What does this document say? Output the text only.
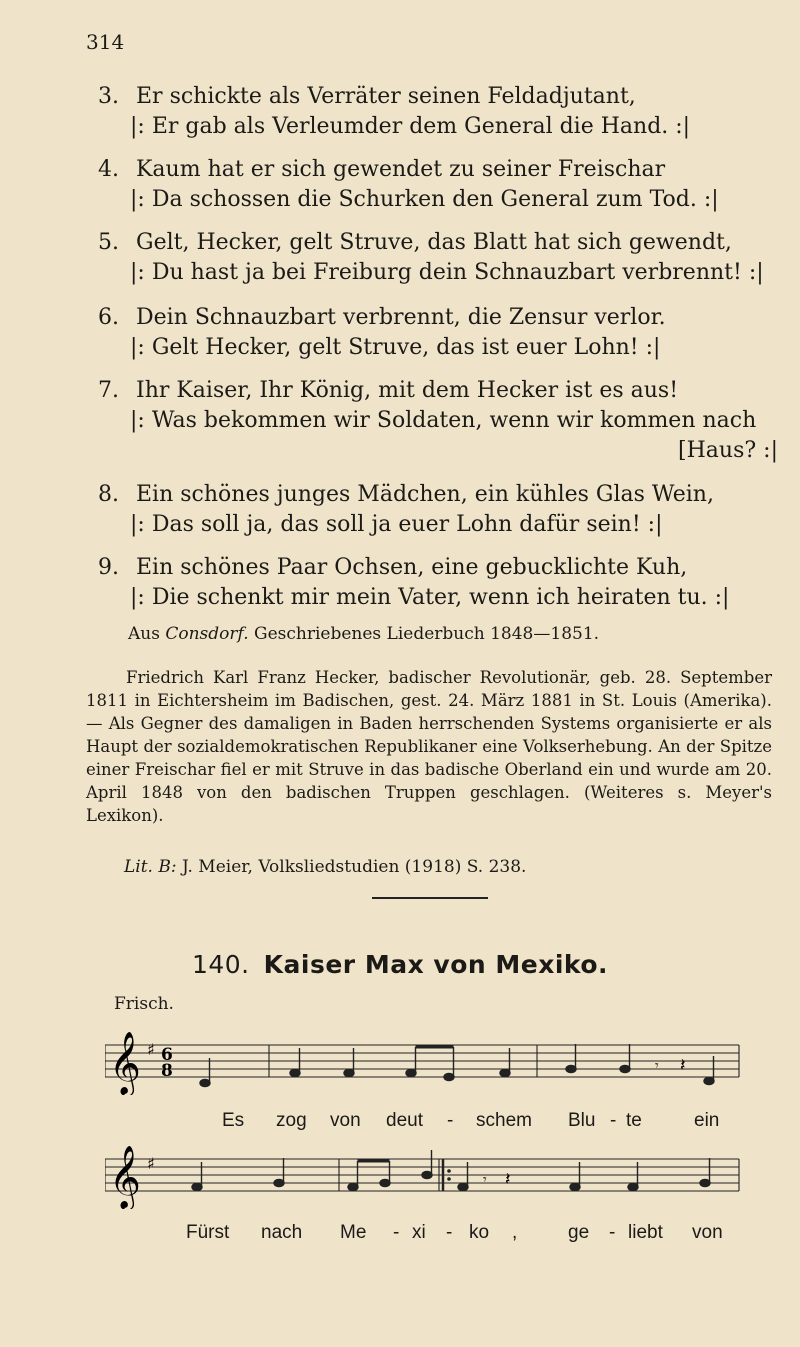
314
3. Er schickte als Verräter seinen Feldadjutant,
|: Er gab als Verleumder dem General die Hand. :|
4. Kaum hat er sich gewendet zu seiner Freischar
|: Da schossen die Schurken den General zum Tod. :|
5. Gelt, Hecker, gelt Struve, das Blatt hat sich gewendt,
|: Du hast ja bei Freiburg dein Schnauzbart verbrennt! :|
6. Dein Schnauzbart verbrennt, die Zensur verlor.
|: Gelt Hecker, gelt Struve, das ist euer Lohn! :|
7. Ihr Kaiser, Ihr König, mit dem Hecker ist es aus!
|: Was bekommen wir Soldaten, wenn wir kommen nach
[Haus? :|
8. Ein schönes junges Mädchen, ein kühles Glas Wein,
|: Das soll ja, das soll ja euer Lohn dafür sein! :|
9. Ein schönes Paar Ochsen, eine gebucklichte Kuh,
|: Die schenkt mir mein Vater, wenn ich heiraten tu. :|
Aus Consdorf. Geschriebenes Liederbuch 1848—1851.
Friedrich Karl Franz Hecker, badischer Revolutionär, geb. 28. September 1811 in Eichtersheim im Badischen, gest. 24. März 1881 in St. Louis (Amerika). — Als Gegner des damaligen in Baden herrschenden Systems organisierte er als Haupt der sozialdemokratischen Republikaner eine Volkserhebung. An der Spitze einer Freischar fiel er mit Struve in das badische Oberland ein und wurde am 20. April 1848 von den badischen Truppen geschlagen. (Weiteres s. Meyer's Lexikon).
Lit. B: J. Meier, Volksliedstudien (1918) S. 238.
140. Kaiser Max von Mexiko.
Frisch.
𝄞 ♯ 6
8	𝄾 𝄽
Es zog von deut - schem Blu - te	ein
𝄞 ♯
𝄾 𝄽
Fürst nach Me - xi - ko ,	ge - liebt von
